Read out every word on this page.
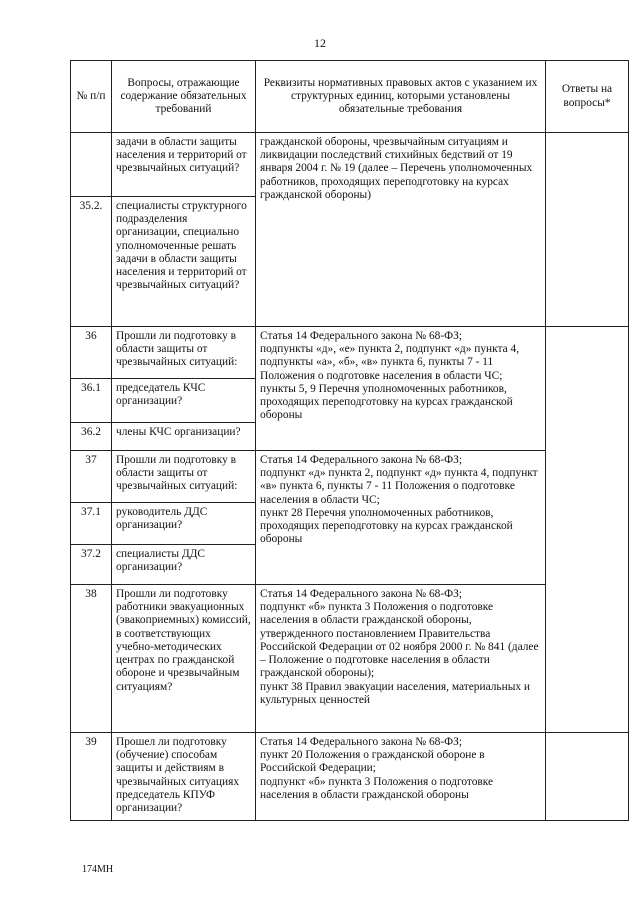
12
№ п/п	Вопросы, отражающие содержание обязательных требований	Реквизиты нормативных правовых актов с указанием их структурных единиц, которыми установлены обязательные требования	Ответы на вопросы*	
	задачи в области защиты населения и территорий от чрезвычайных ситуаций?	гражданской обороны, чрезвычайным ситуациям и ликвидации последствий стихийных бедствий от 19 января 2004 г. № 19 (далее – Перечень уполномоченных работников, проходящих переподготовку на курсах гражданской обороны)		
35.2.	специалисты структурного подразделения организации, специально уполномоченные решать задачи в области защиты населения и территорий от чрезвычайных ситуаций?			
36	Прошли ли подготовку в области защиты от чрезвычайных ситуаций:	Статья 14 Федерального закона № 68-ФЗ;
подпункты «д», «е» пункта 2, подпункт «д» пункта 4, подпункты «а», «б», «в» пункта 6, пункты 7 - 11 Положения о подготовке населения в области ЧС;
пункты 5, 9 Перечня уполномоченных работников, проходящих переподготовку на курсах гражданской обороны		

36.1	председатель КЧС организации?			
36.2	члены КЧС организации?			
37	Прошли ли подготовку в области защиты от чрезвычайных ситуаций:	Статья 14 Федерального закона № 68-ФЗ;
подпункт «д» пункта 2, подпункт «д» пункта 4, подпункт «в» пункта 6, пункты 7 - 11 Положения о подготовке населения в области ЧС;
пункт 28 Перечня уполномоченных работников, проходящих переподготовку на курсах гражданской обороны		

37.1	руководитель ДДС организации?			
37.2	специалисты ДДС организации?			
38	Прошли ли подготовку работники эвакуационных (эвакоприемных) комиссий, в соответствующих учебно-методических центрах по гражданской обороне и чрезвычайным ситуациям?	Статья 14 Федерального закона № 68-ФЗ;
подпункт «б» пункта 3 Положения о подготовке населения в области гражданской обороны, утвержденного постановлением Правительства Российской Федерации от 02 ноября 2000 г. № 841 (далее – Положение о подготовке населения в области гражданской обороны);
пункт 38 Правил эвакуации населения, материальных и культурных ценностей		

39	Прошел ли подготовку (обучение) способам защиты и действиям в чрезвычайных ситуациях председатель КПУФ организации?	Статья 14 Федерального закона № 68-ФЗ;
пункт 20 Положения о гражданской обороне в Российской Федерации;
подпункт «б» пункта 3 Положения о подготовке населения в области гражданской обороны		

174МН
